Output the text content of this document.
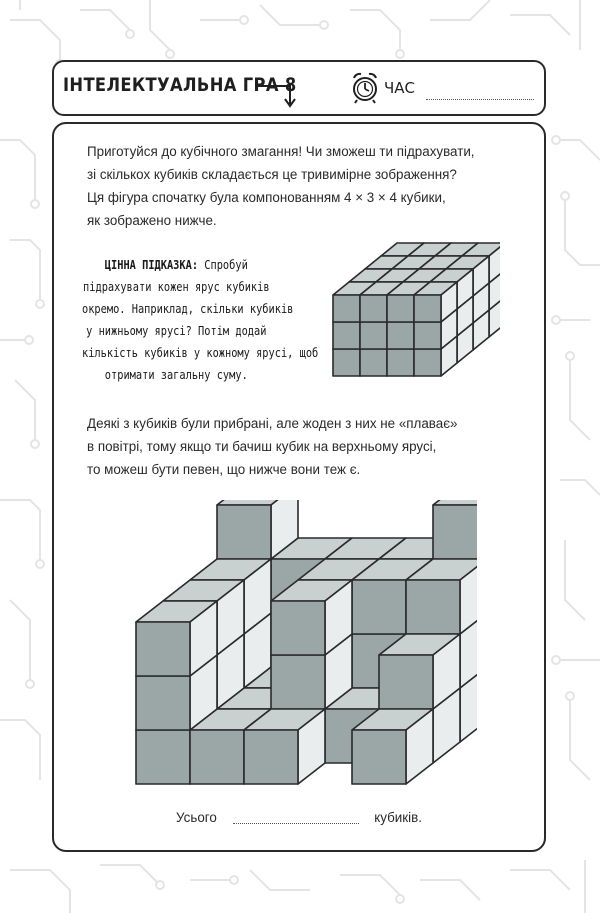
ІНТЕЛЕКТУАЛЬНА ГРА 8	ЧАС

Приготуйся до кубічного змагання! Чи зможеш ти підрахувати,
зі скількох кубиків складається це тривимірне зображення?
Ця фігура спочатку була компонованням 4 × 3 × 4 кубики,
як зображено нижче.

ЦІННА ПІДКАЗКА: Спробуй
підрахувати кожен ярус кубиків
окремо. Наприклад, скільки кубиків
у нижньому ярусі? Потім додай
кількість кубиків у кожному ярусі, щоб
отримати загальну суму.

Деякі з кубиків були прибрані, але жоден з них не «плаває»
в повітрі, тому якщо ти бачиш кубик на верхньому ярусі,
то можеш бути певен, що нижче вони теж є.

Усього	кубиків.
